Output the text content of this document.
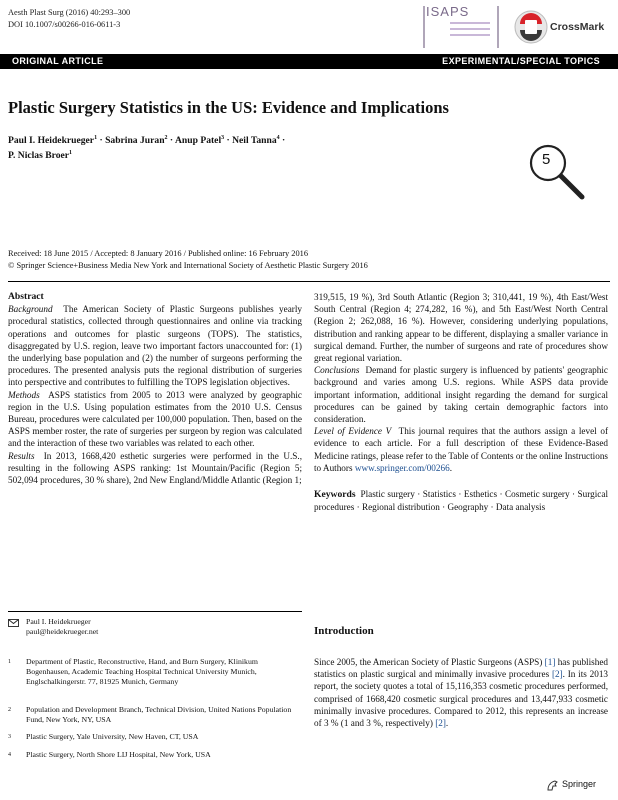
Aesth Plast Surg (2016) 40:293–300
DOI 10.1007/s00266-016-0611-3
ISAPS
CrossMark
ORIGINAL ARTICLE	EXPERIMENTAL/SPECIAL TOPICS
Plastic Surgery Statistics in the US: Evidence and Implications
Paul I. Heidekrueger$^1$ · Sabrina Juran$^2$ · Anup Patel$^3$ · Neil Tanna$^4$ ·
P. Niclas Broer$^1$	5
Received: 18 June 2015 / Accepted: 8 January 2016 / Published online: 16 February 2016
© Springer Science+Business Media New York and International Society of Aesthetic Plastic Surgery 2016
Abstract
Background The American Society of Plastic Surgeons publishes yearly procedural statistics, collected through questionnaires and online via tracking operations and outcomes for plastic surgeons (TOPS). The statistics, disaggregated by U.S. region, leave two important factors unaccounted for: (1) the underlying base population and (2) the number of surgeons performing the procedures. The presented analysis puts the regional distribution of surgeries into perspective and contributes to fulfilling the TOPS legislation objectives.
Methods ASPS statistics from 2005 to 2013 were analyzed by geographic region in the U.S. Using population estimates from the 2010 U.S. Census Bureau, procedures were calculated per 100,000 population. Then, based on the ASPS member roster, the rate of surgeries per surgeon by region was calculated and the interaction of these two variables was related to each other.
Results In 2013, 1668,420 esthetic surgeries were performed in the U.S., resulting in the following ASPS ranking: 1st Mountain/Pacific (Region 5; 502,094 procedures, 30 % share), 2nd New England/Middle Atlantic (Region 1;
319,515, 19 %), 3rd South Atlantic (Region 3; 310,441, 19 %), 4th East/West South Central (Region 4; 274,282, 16 %), and 5th East/West North Central (Region 2; 262,088, 16 %). However, considering underlying populations, distribution and ranking appear to be different, displaying a smaller variance in surgical demand. Further, the number of surgeons and rate of procedures show great regional variation.
Conclusions Demand for plastic surgery is influenced by patients' geographic background and varies among U.S. regions. While ASPS data provide important information, additional insight regarding the demand for surgical procedures can be gained by taking certain demographic factors into consideration.
Level of Evidence V This journal requires that the authors assign a level of evidence to each article. For a full description of these Evidence-Based Medicine ratings, please refer to the Table of Contents or the online Instructions to Authors www.springer.com/00266.
Keywords Plastic surgery · Statistics · Esthetics · Cosmetic surgery · Surgical procedures · Regional distribution · Geography · Data analysis
Paul I. Heidekrueger
paul@heidekrueger.net
1 Department of Plastic, Reconstructive, Hand, and Burn Surgery, Klinikum Bogenhausen, Academic Teaching Hospital Technical University Munich, Englschalkingerstr. 77, 81925 Munich, Germany
2 Population and Development Branch, Technical Division, United Nations Population Fund, New York, NY, USA
3 Plastic Surgery, Yale University, New Haven, CT, USA
4 Plastic Surgery, North Shore LIJ Hospital, New York, USA
Introduction
Since 2005, the American Society of Plastic Surgeons (ASPS) [1] has published statistics on plastic surgical and minimally invasive procedures [2]. In its 2013 report, the society quotes a total of 15,116,353 cosmetic procedures performed, comprised of 1668,420 cosmetic surgical procedures and 13,447,933 cosmetic minimally invasive procedures. Compared to 2012, this represents an increase of 3 % (1 and 3 %, respectively) [2].
Springer
